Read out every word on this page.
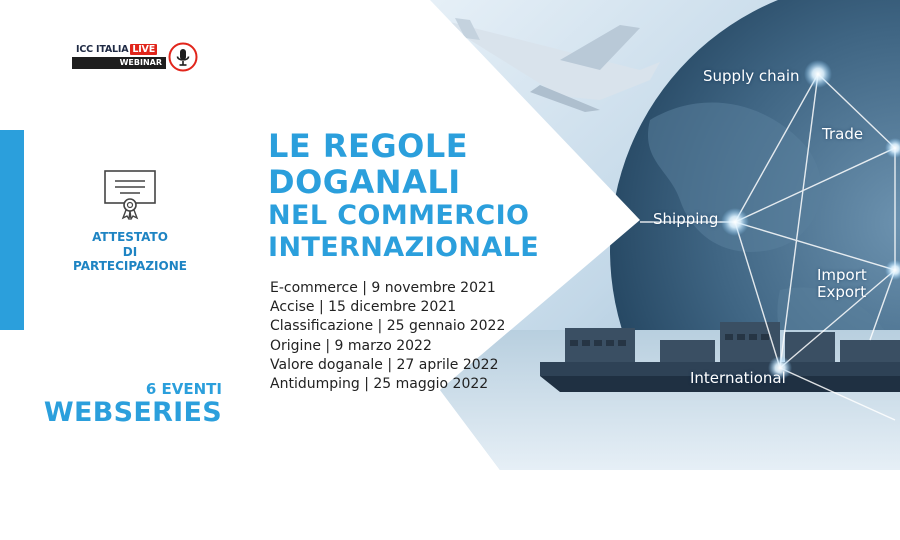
ICC ITALIA LIVE
WEBINAR
ATTESTATO
DI
PARTECIPAZIONE
6 EVENTI
WEBSERIES
LE REGOLE
DOGANALI
NEL COMMERCIO
INTERNAZIONALE
E-commerce | 9 novembre 2021
Accise | 15 dicembre 2021
Classificazione | 25 gennaio 2022
Origine | 9 marzo 2022
Valore doganale | 27 aprile 2022
Antidumping | 25 maggio 2022
Supply chain
Trade
Shipping
Import
Export
International
